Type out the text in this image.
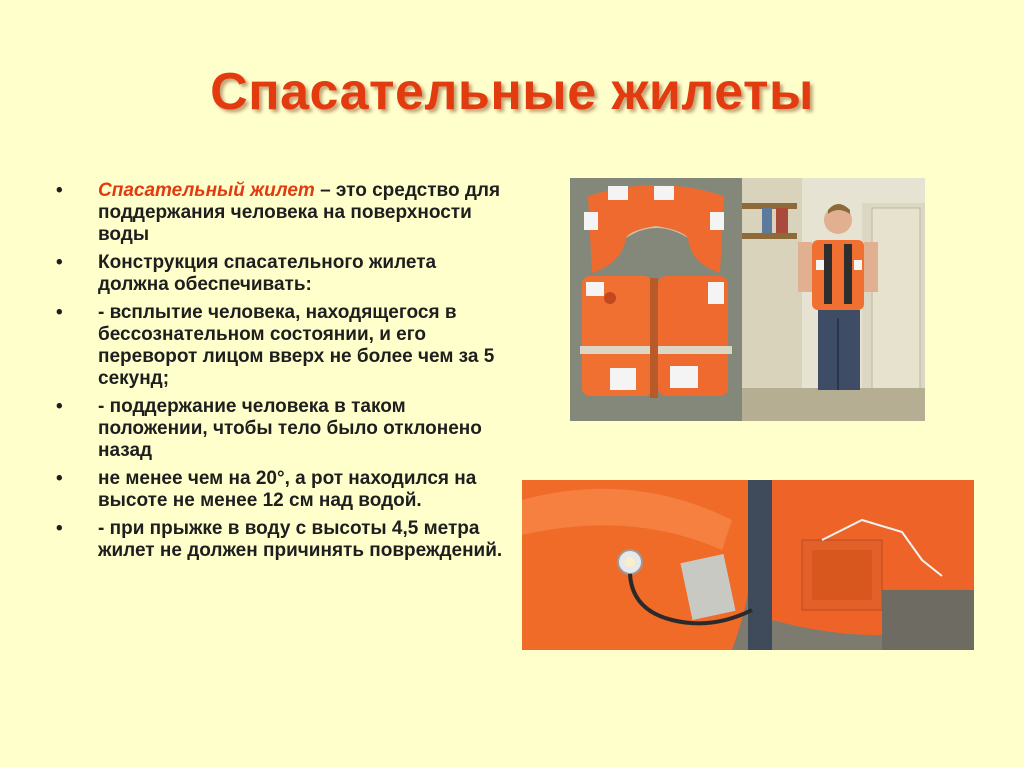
Спасательные жилеты
• Спасательный жилет – это средство для поддержания человека на поверхности воды
• Конструкция спасательного жилета должна обеспечивать:
• - всплытие человека, находящегося в бессознательном состоянии, и его переворот лицом вверх не более чем за 5 секунд;
• - поддержание человека в таком положении, чтобы тело было отклонено назад
• не менее чем на 20°, а рот находился на высоте не менее 12 см над водой.
• - при прыжке в воду с высоты 4,5 метра жилет не должен причинять повреждений.
